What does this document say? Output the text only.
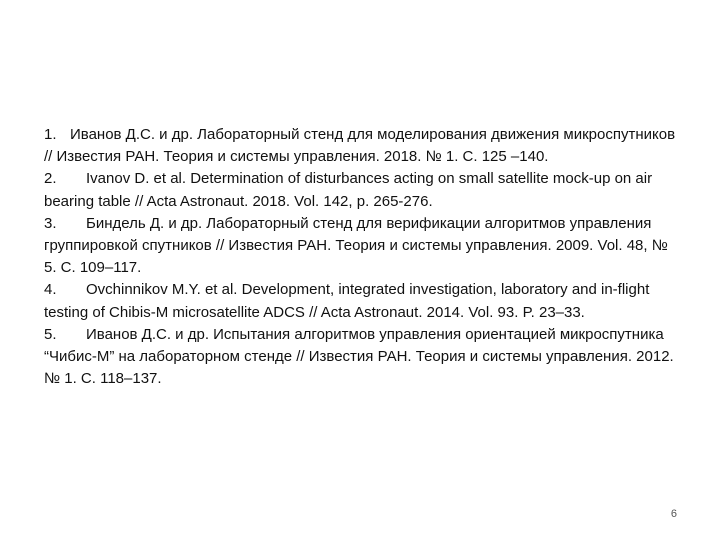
1. Иванов Д.С. и др. Лабораторный стенд для моделирования движения микроспутников // Известия РАН. Теория и системы управления. 2018. № 1. С. 125 –140.
2. Ivanov D. et al. Determination of disturbances acting on small satellite mock-up on air bearing table // Acta Astronaut. 2018. Vol. 142, p. 265-276.
3. Биндель Д. и др. Лабораторный стенд для верификации алгоритмов управления группировкой спутников // Известия РАН. Теория и системы управления. 2009. Vol. 48, № 5. С. 109–117.
4. Ovchinnikov M.Y. et al. Development, integrated investigation, laboratory and in-flight testing of Chibis-M microsatellite ADCS // Acta Astronaut. 2014. Vol. 93. P. 23–33.
5. Иванов Д.С. и др. Испытания алгоритмов управления ориентацией микроспутника “Чибис-М” на лабораторном стенде // Известия РАН. Теория и системы управления. 2012. № 1. С. 118–137.
6
